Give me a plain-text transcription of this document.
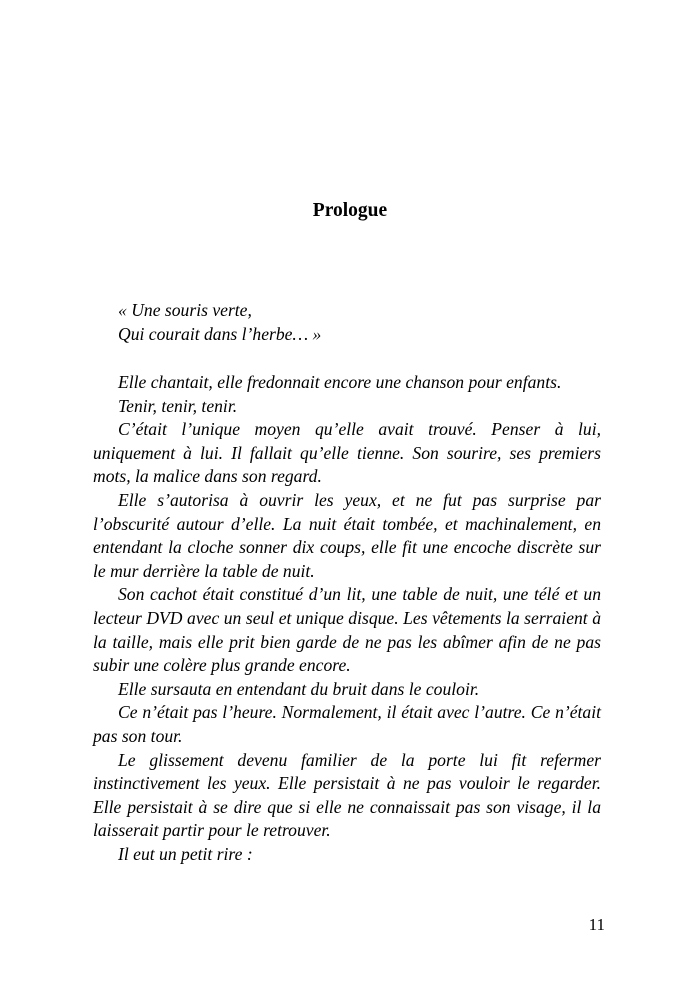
Prologue

« Une souris verte,

Qui courait dans l’herbe… »

Elle chantait, elle fredonnait encore une chanson pour enfants.

Tenir, tenir, tenir.

C’était l’unique moyen qu’elle avait trouvé. Penser à lui, uniquement à lui. Il fallait qu’elle tienne. Son sourire, ses premiers mots, la malice dans son regard.

Elle s’autorisa à ouvrir les yeux, et ne fut pas surprise par l’obscurité autour d’elle. La nuit était tombée, et machinalement, en entendant la cloche sonner dix coups, elle fit une encoche discrète sur le mur derrière la table de nuit.

Son cachot était constitué d’un lit, une table de nuit, une télé et un lecteur DVD avec un seul et unique disque. Les vêtements la serraient à la taille, mais elle prit bien garde de ne pas les abîmer afin de ne pas subir une colère plus grande encore.

Elle sursauta en entendant du bruit dans le couloir.

Ce n’était pas l’heure. Normalement, il était avec l’autre. Ce n’était pas son tour.

Le glissement devenu familier de la porte lui fit refermer instinctivement les yeux. Elle persistait à ne pas vouloir le regarder. Elle persistait à se dire que si elle ne connaissait pas son visage, il la laisserait partir pour le retrouver.

Il eut un petit rire :

11
